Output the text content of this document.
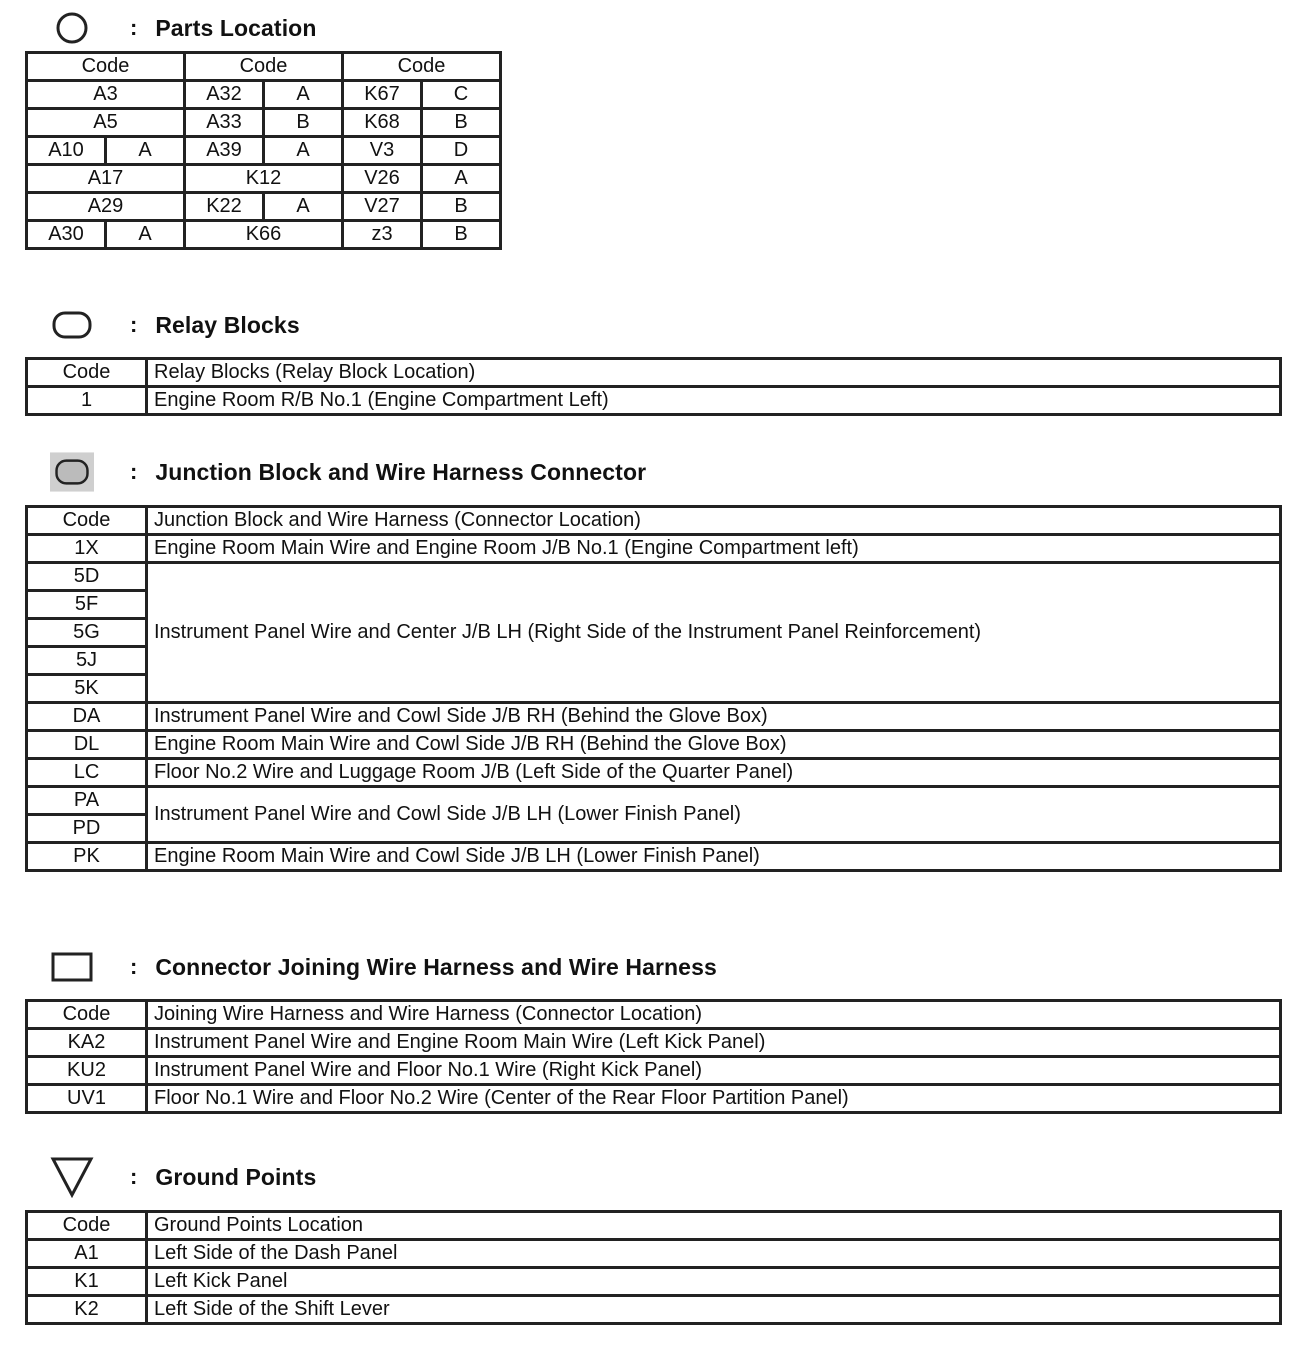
: Parts Location
Code		Code		Code	
A3		A32	A	K67	C
A5		A33	B	K68	B
A10	A	A39	A	V3	D
A17		K12		V26	A
A29		K22	A	V27	B
A30	A	K66		z3	B
: Relay Blocks
Code	Relay Blocks (Relay Block Location)
1	Engine Room R/B No.1 (Engine Compartment Left)
: Junction Block and Wire Harness Connector
Code	Junction Block and Wire Harness (Connector Location)
1X	Engine Room Main Wire and Engine Room J/B No.1 (Engine Compartment left)
5D	Instrument Panel Wire and Center J/B LH (Right Side of the Instrument Panel Reinforcement)
5F	
5G	
5J	
5K	
DA	Instrument Panel Wire and Cowl Side J/B RH (Behind the Glove Box)
DL	Engine Room Main Wire and Cowl Side J/B RH (Behind the Glove Box)
LC	Floor No.2 Wire and Luggage Room J/B (Left Side of the Quarter Panel)
PA	Instrument Panel Wire and Cowl Side J/B LH (Lower Finish Panel)
PD	
PK	Engine Room Main Wire and Cowl Side J/B LH (Lower Finish Panel)
: Connector Joining Wire Harness and Wire Harness
Code	Joining Wire Harness and Wire Harness (Connector Location)
KA2	Instrument Panel Wire and Engine Room Main Wire (Left Kick Panel)
KU2	Instrument Panel Wire and Floor No.1 Wire (Right Kick Panel)
UV1	Floor No.1 Wire and Floor No.2 Wire (Center of the Rear Floor Partition Panel)
: Ground Points
Code	Ground Points Location
A1	Left Side of the Dash Panel
K1	Left Kick Panel
K2	Left Side of the Shift Lever
